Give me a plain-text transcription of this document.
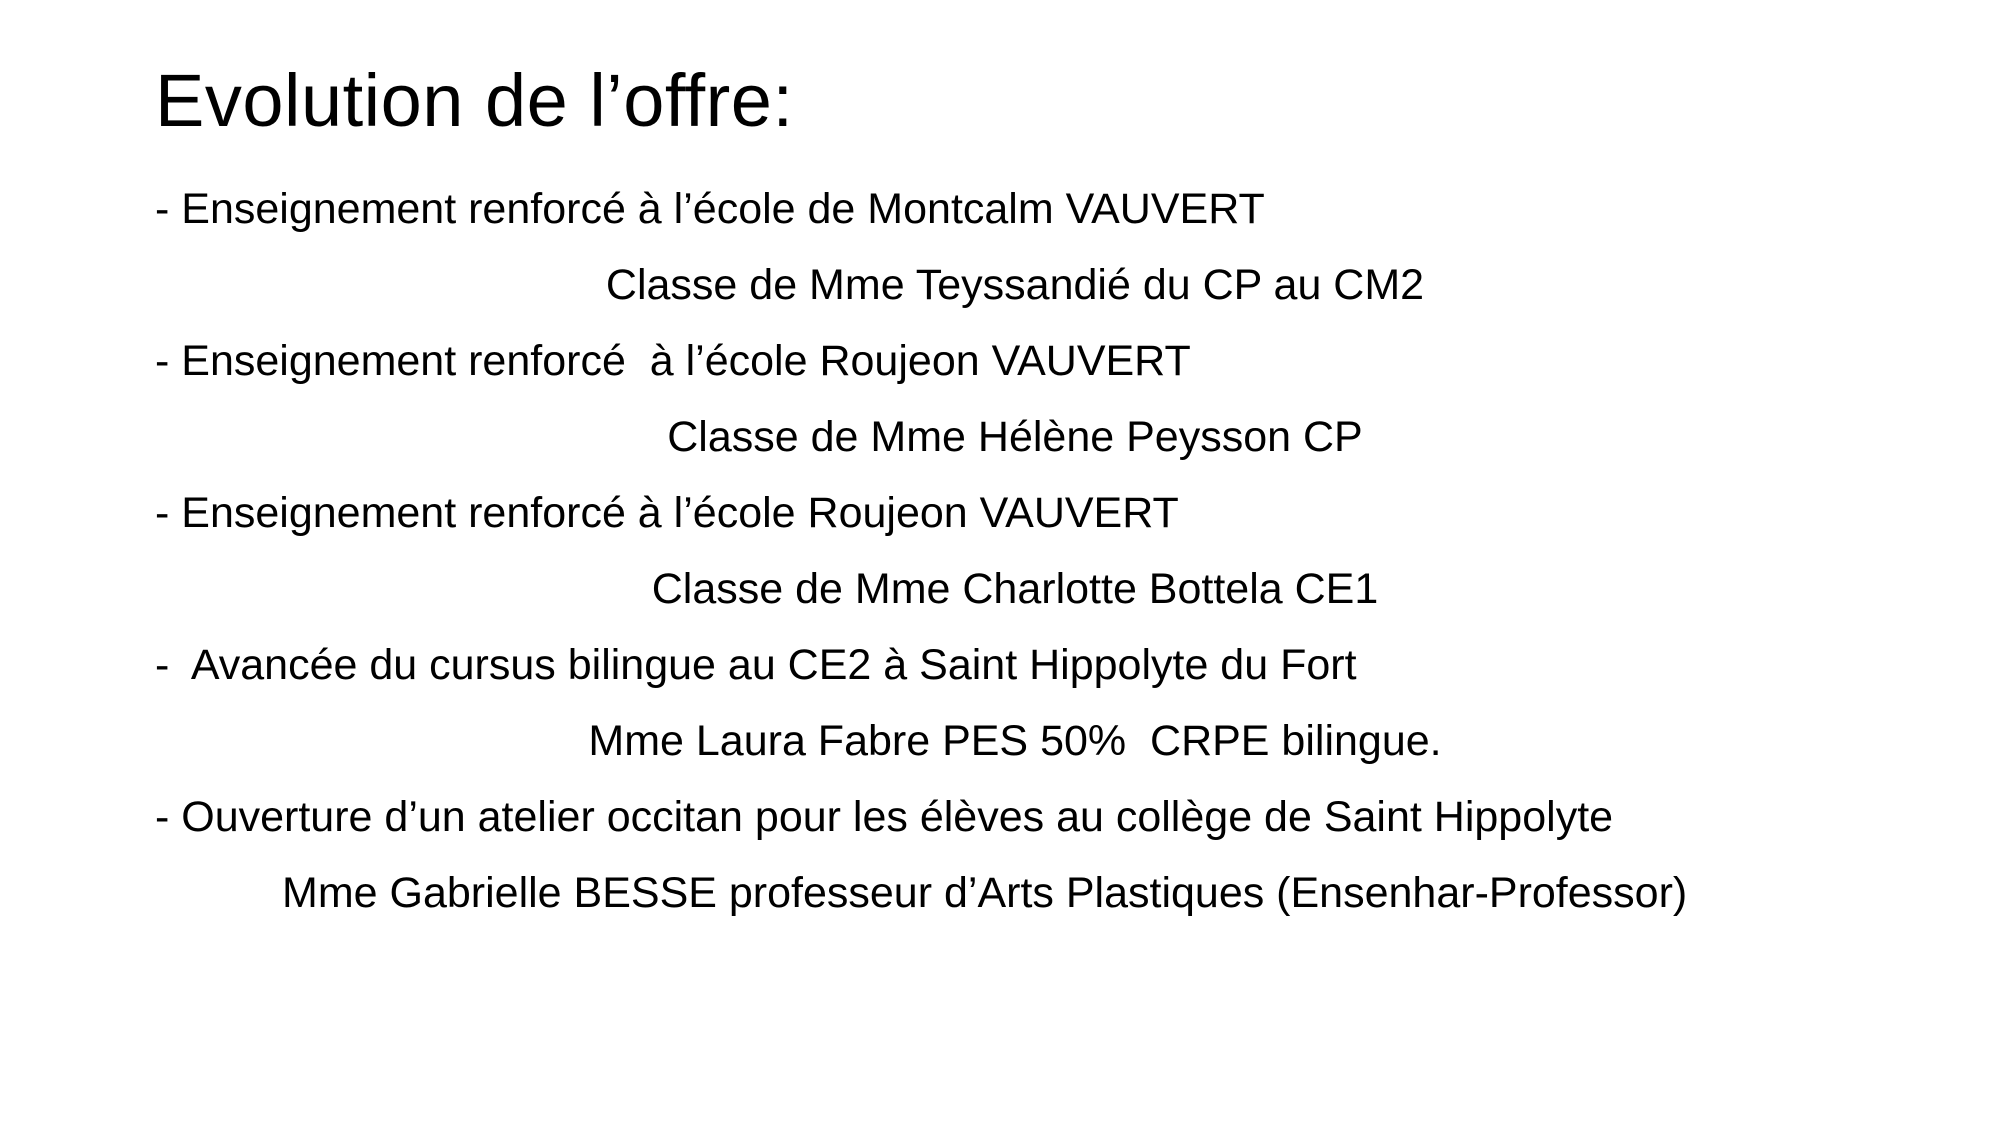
Evolution de l’offre:
- Enseignement renforcé à l’école de Montcalm VAUVERT
Classe de Mme Teyssandié du CP au CM2
- Enseignement renforcé  à l’école Roujeon VAUVERT
Classe de Mme Hélène Peysson CP
- Enseignement renforcé à l’école Roujeon VAUVERT
Classe de Mme Charlotte Bottela CE1
-  Avancée du cursus bilingue au CE2 à Saint Hippolyte du Fort
Mme Laura Fabre PES 50%  CRPE bilingue.
- Ouverture d’un atelier occitan pour les élèves au collège de Saint Hippolyte
Mme Gabrielle BESSE professeur d’Arts Plastiques (Ensenhar-Professor)
